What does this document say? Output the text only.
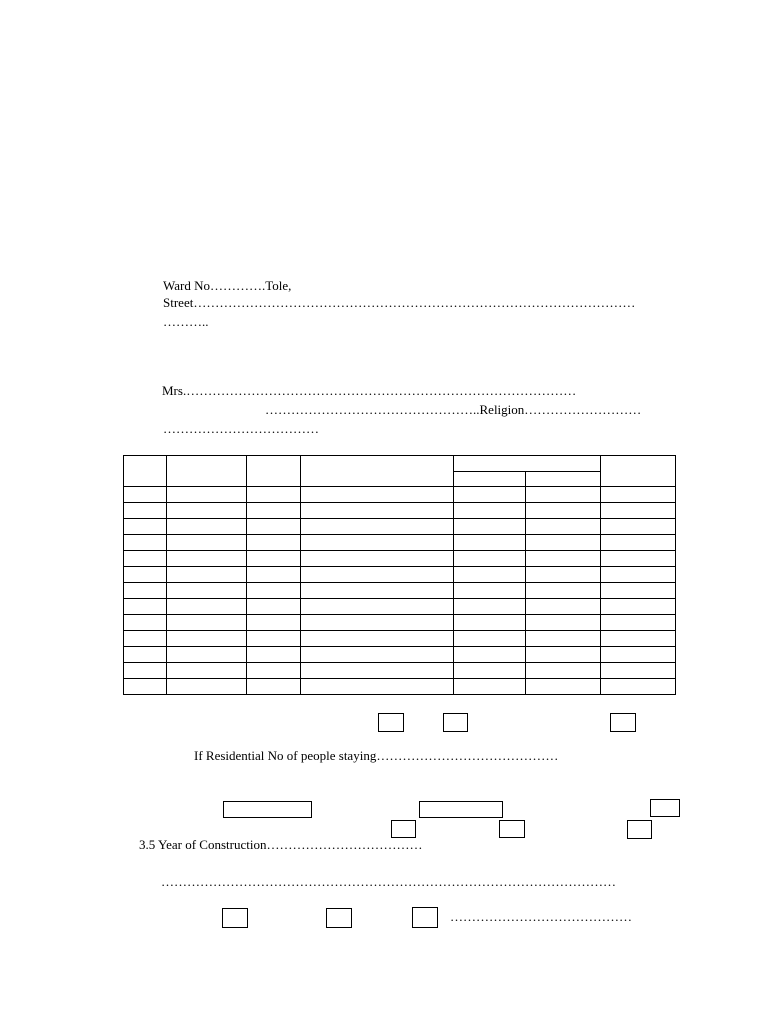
Ward No………….Tole,
Street…………………………………………………………………………………………
………..
Mrs.………………………………………………………………………………
…………………………………………..Religion………………………
………………………………

If Residential No of people staying……………………………………
3.5 Year of Construction………………………………
……………………………………………………………………………………………
……………………………………
